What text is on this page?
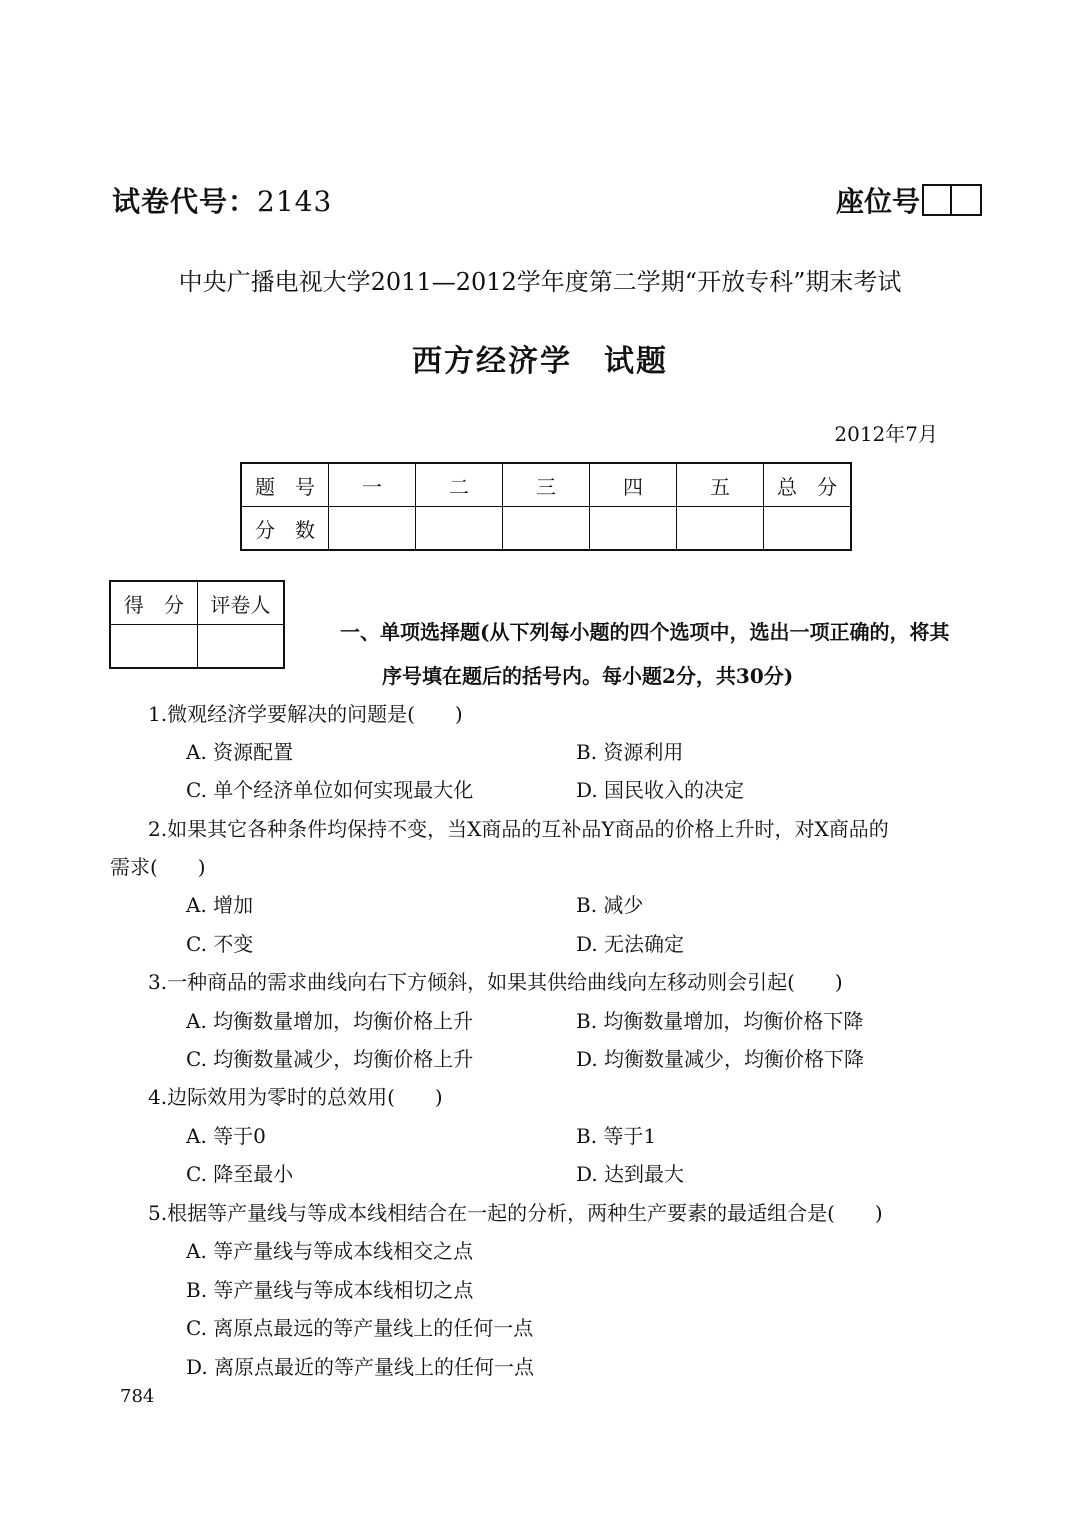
试卷代号：2143	座位号
中央广播电视大学2011—2012学年度第二学期“开放专科”期末考试
西方经济学　试题
2012年7月
题　号	一	二	三	四	五	总　分
分　数						
得　分	评卷人

一、单项选择题(从下列每小题的四个选项中，选出一项正确的，将其
序号填在题后的括号内。每小题2分，共30分)
1.微观经济学要解决的问题是(　　)
A. 资源配置	B. 资源利用
C. 单个经济单位如何实现最大化	D. 国民收入的决定
2.如果其它各种条件均保持不变，当X商品的互补品Y商品的价格上升时，对X商品的
需求(　　)
A. 增加	B. 减少
C. 不变	D. 无法确定
3.一种商品的需求曲线向右下方倾斜，如果其供给曲线向左移动则会引起(　　)
A. 均衡数量增加，均衡价格上升	B. 均衡数量增加，均衡价格下降
C. 均衡数量减少，均衡价格上升	D. 均衡数量减少，均衡价格下降
4.边际效用为零时的总效用(　　)
A. 等于0	B. 等于1
C. 降至最小	D. 达到最大
5.根据等产量线与等成本线相结合在一起的分析，两种生产要素的最适组合是(　　)
A. 等产量线与等成本线相交之点
B. 等产量线与等成本线相切之点
C. 离原点最远的等产量线上的任何一点
D. 离原点最近的等产量线上的任何一点
784
